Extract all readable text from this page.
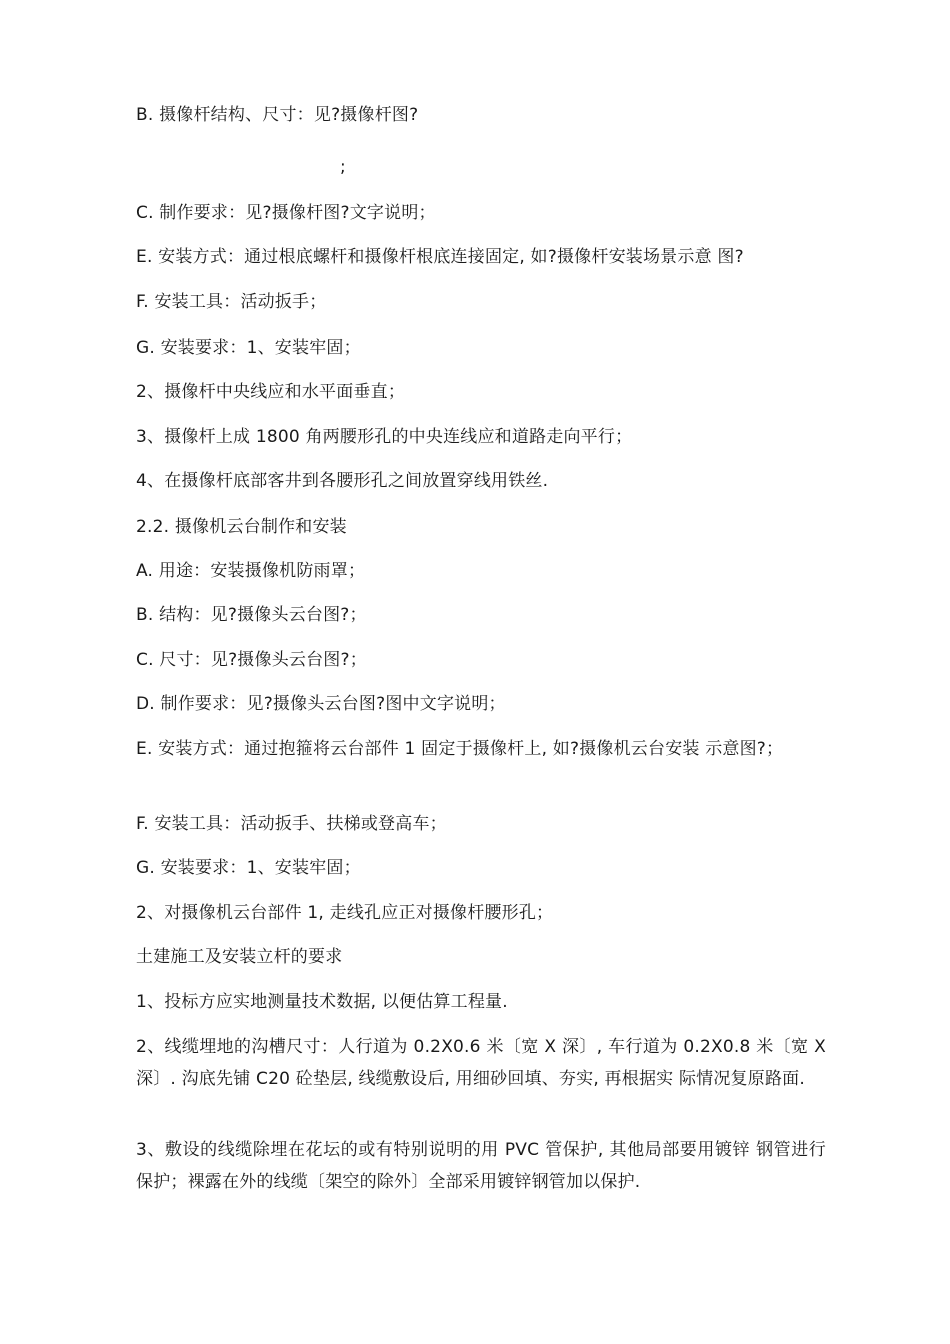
B. 摄像杆结构、尺寸：见?摄像杆图?
;
C. 制作要求：见?摄像杆图?文字说明；
E. 安装方式：通过根底螺杆和摄像杆根底连接固定, 如?摄像杆安装场景示意 图?
F. 安装工具：活动扳手；
G. 安装要求：1、安装牢固；
2、摄像杆中央线应和水平面垂直；
3、摄像杆上成 1800 角两腰形孔的中央连线应和道路走向平行；
4、在摄像杆底部客井到各腰形孔之间放置穿线用铁丝.
2.2. 摄像机云台制作和安装
A. 用途：安装摄像机防雨罩；
B. 结构：见?摄像头云台图?；
C. 尺寸：见?摄像头云台图?；
D. 制作要求：见?摄像头云台图?图中文字说明；
E. 安装方式：通过抱箍将云台部件 1 固定于摄像杆上, 如?摄像机云台安装 示意图?；
F. 安装工具：活动扳手、扶梯或登高车；
G. 安装要求：1、安装牢固；
2、对摄像机云台部件 1, 走线孔应正对摄像杆腰形孔；
土建施工及安装立杆的要求
1、投标方应实地测量技术数据, 以便估算工程量.
2、线缆埋地的沟槽尺寸：人行道为 0.2X0.6 米〔宽 X 深〕, 车行道为 0.2X0.8 米〔宽 X 深〕. 沟底先铺 C20 砼垫层, 线缆敷设后, 用细砂回填、夯实, 再根据实 际情况复原路面.
3、敷设的线缆除埋在花坛的或有特别说明的用 PVC 管保护, 其他局部要用镀锌 钢管进行保护；裸露在外的线缆〔架空的除外〕全部采用镀锌钢管加以保护.
